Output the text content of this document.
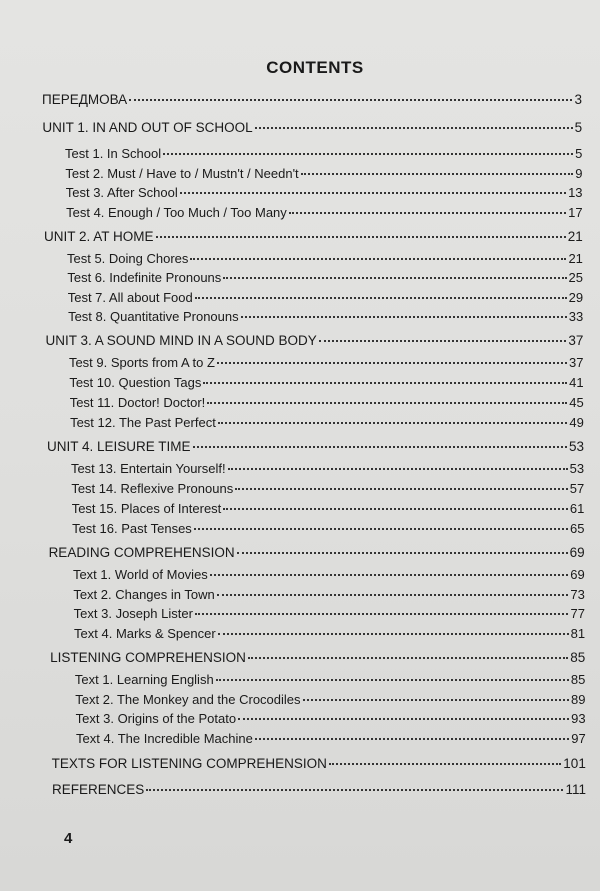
CONTENTS
ПЕРЕДМОВА	3
UNIT 1. IN AND OUT OF SCHOOL	5
Test 1. In School	5
Test 2. Must / Have to / Mustn't / Needn't	9
Test 3. After School	13
Test 4. Enough / Too Much / Too Many	17
UNIT 2. AT HOME	21
Test 5. Doing Chores	21
Test 6. Indefinite Pronouns	25
Test 7. All about Food	29
Test 8. Quantitative Pronouns	33
UNIT 3. A SOUND MIND IN A SOUND BODY	37
Test 9. Sports from A to Z	37
Test 10. Question Tags	41
Test 11. Doctor! Doctor!	45
Test 12. The Past Perfect	49
UNIT 4. LEISURE TIME	53
Test 13. Entertain Yourself!	53
Test 14. Reflexive Pronouns	57
Test 15. Places of Interest	61
Test 16. Past Tenses	65
READING COMPREHENSION	69
Text 1. World of Movies	69
Text 2. Changes in Town	73
Text 3. Joseph Lister	77
Text 4. Marks & Spencer	81
LISTENING COMPREHENSION	85
Text 1. Learning English	85
Text 2. The Monkey and the Crocodiles	89
Text 3. Origins of the Potato	93
Text 4. The Incredible Machine	97
TEXTS FOR LISTENING COMPREHENSION	101
REFERENCES	111
4
